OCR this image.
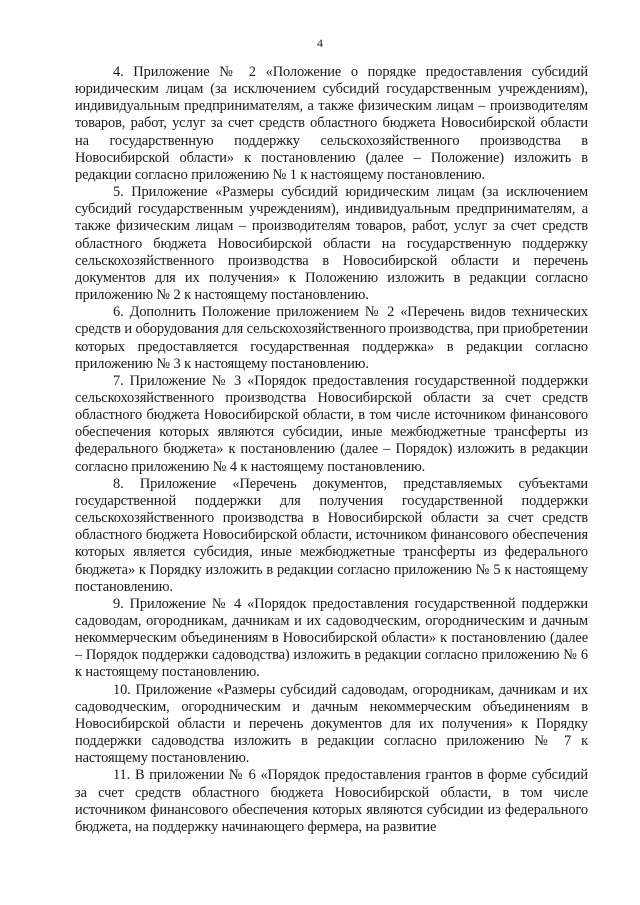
4

4. Приложение № 2 «Положение о порядке предоставления субсидий юридическим лицам (за исключением субсидий государственным учреждениям), индивидуальным предпринимателям, а также физическим лицам – производителям товаров, работ, услуг за счет средств областного бюджета Новосибирской области на государственную поддержку сельскохозяйственного производства в Новосибирской области» к постановлению (далее – Положение) изложить в редакции согласно приложению № 1 к настоящему постановлению.

5. Приложение «Размеры субсидий юридическим лицам (за исключением субсидий государственным учреждениям), индивидуальным предпринимателям, а также физическим лицам – производителям товаров, работ, услуг за счет средств областного бюджета Новосибирской области на государственную поддержку сельскохозяйственного производства в Новосибирской области и перечень документов для их получения» к Положению изложить в редакции согласно приложению № 2 к настоящему постановлению.

6. Дополнить Положение приложением № 2 «Перечень видов технических средств и оборудования для сельскохозяйственного производства, при приобретении которых предоставляется государственная поддержка» в редакции согласно приложению № 3 к настоящему постановлению.

7. Приложение № 3 «Порядок предоставления государственной поддержки сельскохозяйственного производства Новосибирской области за счет средств областного бюджета Новосибирской области, в том числе источником финансового обеспечения которых являются субсидии, иные межбюджетные трансферты из федерального бюджета» к постановлению (далее – Порядок) изложить в редакции согласно приложению № 4 к настоящему постановлению.

8. Приложение «Перечень документов, представляемых субъектами государственной поддержки для получения государственной поддержки сельскохозяйственного производства в Новосибирской области за счет средств областного бюджета Новосибирской области, источником финансового обеспечения которых является субсидия, иные межбюджетные трансферты из федерального бюджета» к Порядку изложить в редакции согласно приложению № 5 к настоящему постановлению.

9. Приложение № 4 «Порядок предоставления государственной поддержки садоводам, огородникам, дачникам и их садоводческим, огородническим и дачным некоммерческим объединениям в Новосибирской области» к постановлению (далее – Порядок поддержки садоводства) изложить в редакции согласно приложению № 6 к настоящему постановлению.

10. Приложение «Размеры субсидий садоводам, огородникам, дачникам и их садоводческим, огородническим и дачным некоммерческим объединениям в Новосибирской области и перечень документов для их получения» к Порядку поддержки садоводства изложить в редакции согласно приложению № 7 к настоящему постановлению.

11. В приложении № 6 «Порядок предоставления грантов в форме субсидий за счет средств областного бюджета Новосибирской области, в том числе источником финансового обеспечения которых являются субсидии из федерального бюджета, на поддержку начинающего фермера, на развитие
